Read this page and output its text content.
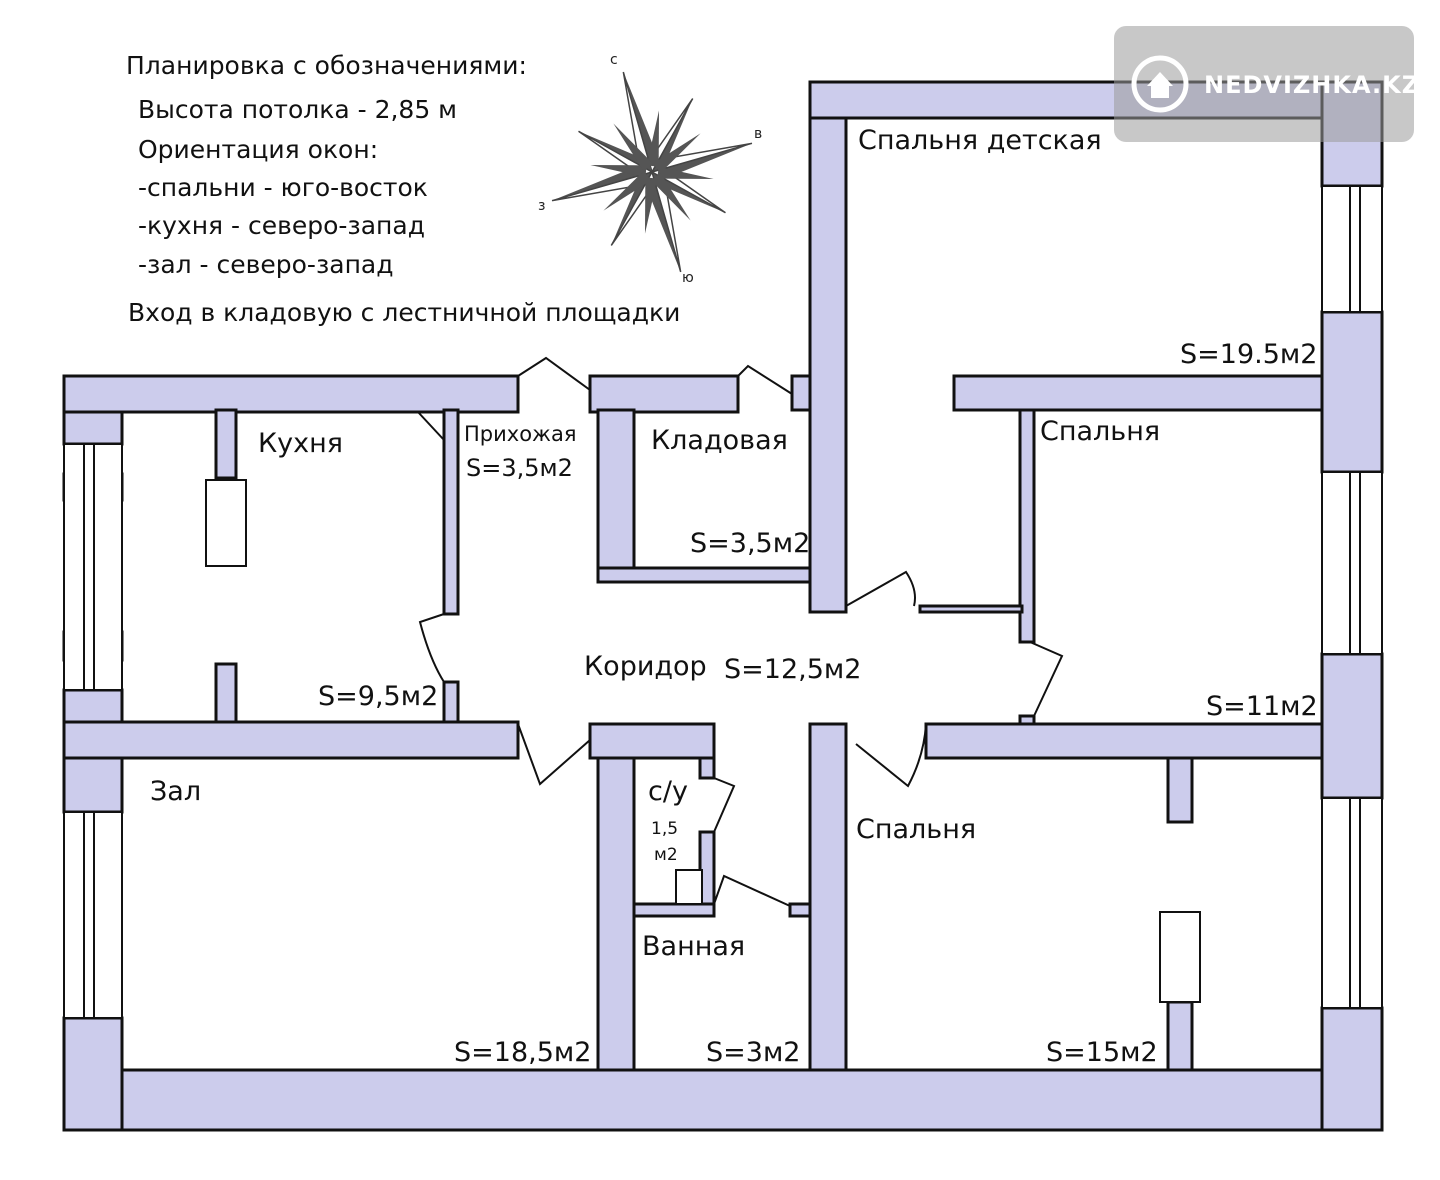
Кухня
S=9,5м2
Прихожая
S=3,5м2
Кладовая
S=3,5м2
Спальня детская
S=19.5м2
Спальня
S=11м2
Коридор S=12,5м2
Зал
S=18,5м2
с/у
1,5
м2
Ванная
S=3м2
Спальня
S=15м2
Планировка с обозначениями:
Высота потолка - 2,85 м
Ориентация окон:
-спальни - юго-восток
-кухня - северо-запад
-зал - северо-запад
Вход в кладовую с лестничной площадки
с
в
ю
з
NEDVIZHKA.KZ
